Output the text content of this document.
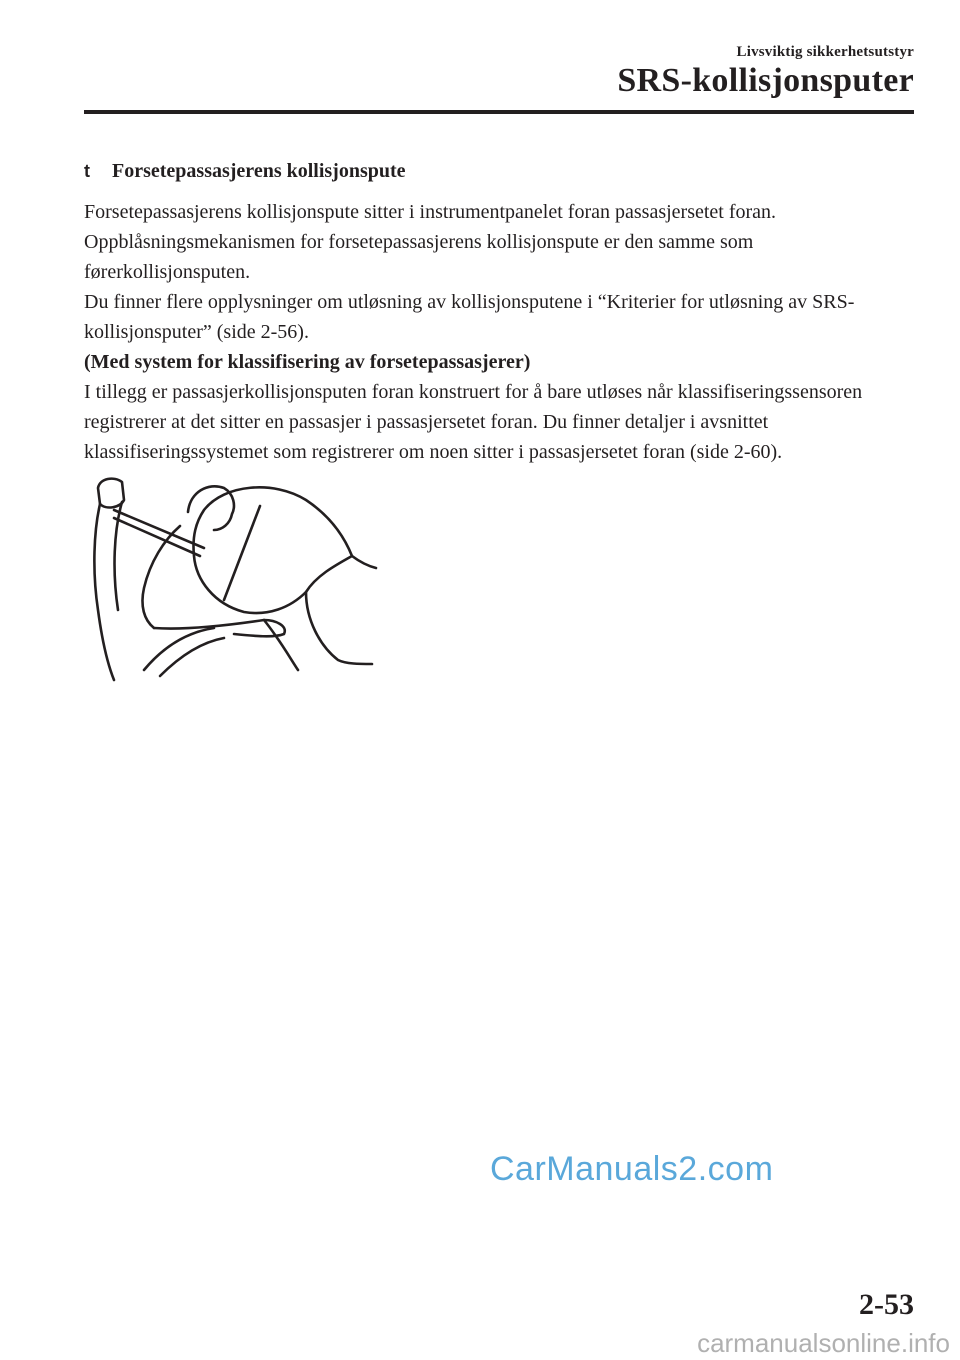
Livsviktig sikkerhetsutstyr
SRS-kollisjonsputer
t	Forsetepassasjerens kollisjonspute

Forsetepassasjerens kollisjonspute sitter i instrumentpanelet foran passasjersetet foran.
Oppblåsningsmekanismen for forsetepassasjerens kollisjonspute er den samme som førerkollisjonsputen.

Du finner flere opplysninger om utløsning av kollisjonsputene i “Kriterier for utløsning av SRS-kollisjonsputer” (side 2-56).

(Med system for klassifisering av forsetepassasjerer)

I tillegg er passasjerkollisjonsputen foran konstruert for å bare utløses når klassifiseringssensoren registrerer at det sitter en passasjer i passasjersetet foran. Du finner detaljer i avsnittet klassifiseringssystemet som registrerer om noen sitter i passasjersetet foran (side 2-60).

CarManuals2.com
2-53
carmanualsonline.info
